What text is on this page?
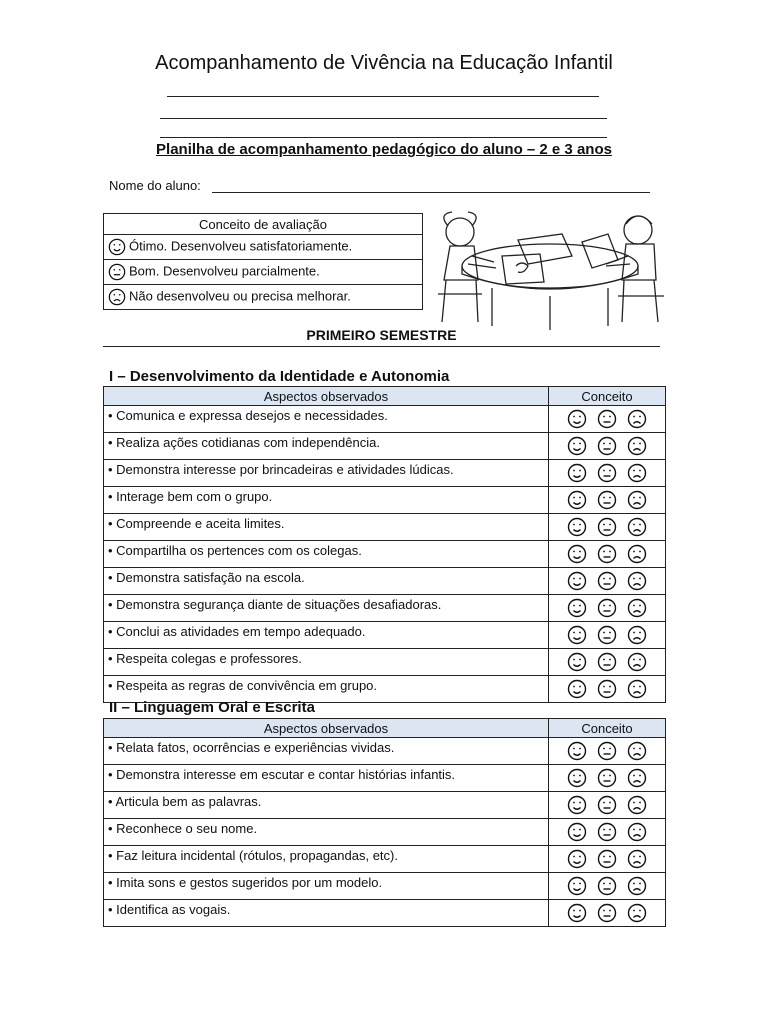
Acompanhamento de Vivência na Educação Infantil
Planilha de acompanhamento pedagógico do aluno – 2 e 3 anos
Nome do aluno:
Conceito de avaliação

Ótimo. Desenvolveu satisfatoriamente.

Bom. Desenvolveu parcialmente.

Não desenvolveu ou precisa melhorar.
PRIMEIRO SEMESTRE
I – Desenvolvimento da Identidade e Autonomia
Aspectos observados	Conceito
• Comunica e expressa desejos e necessidades.	

• Realiza ações cotidianas com independência.	

• Demonstra interesse por brincadeiras e atividades lúdicas.	

• Interage bem com o grupo.	

• Compreende e aceita limites.	

• Compartilha os pertences com os colegas.	

• Demonstra satisfação na escola.	

• Demonstra segurança diante de situações desafiadoras.	

• Conclui as atividades em tempo adequado.	

• Respeita colegas e professores.	

• Respeita as regras de convivência em grupo.	
II – Linguagem Oral e Escrita
Aspectos observados	Conceito
• Relata fatos, ocorrências e experiências vividas.	

• Demonstra interesse em escutar e contar histórias infantis.	

• Articula bem as palavras.	

• Reconhece o seu nome.	

• Faz leitura incidental (rótulos, propagandas, etc).	

• Imita sons e gestos sugeridos por um modelo.	

• Identifica as vogais.	
